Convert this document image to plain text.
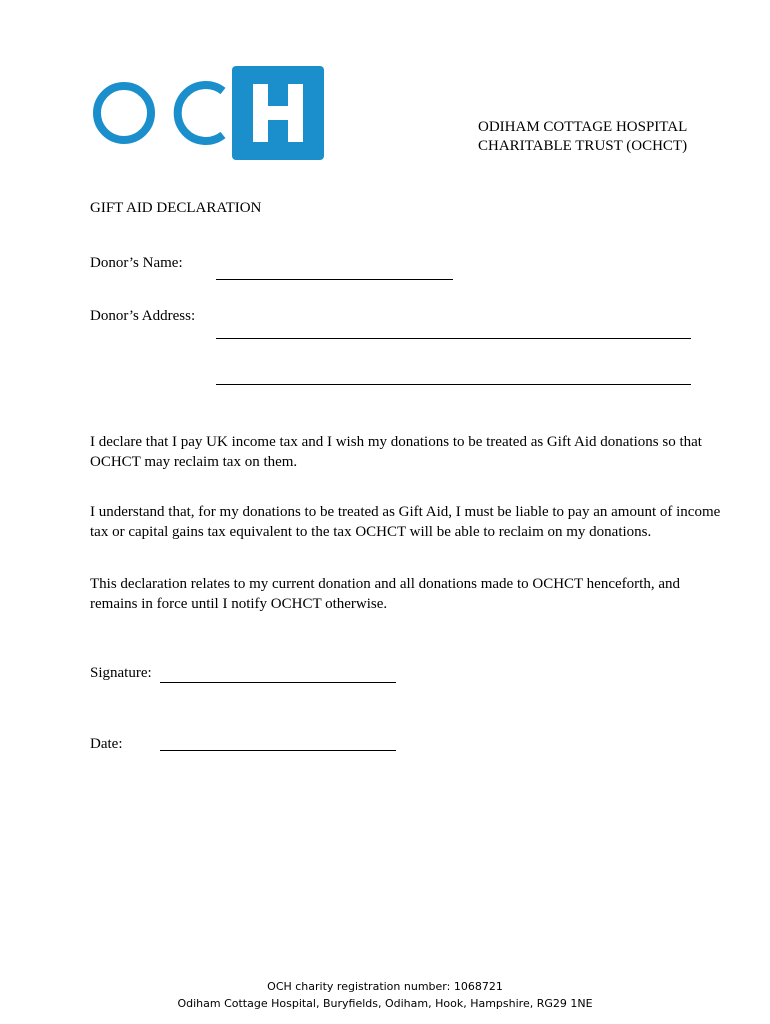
ODIHAM COTTAGE HOSPITAL
CHARITABLE TRUST (OCHCT)
GIFT AID DECLARATION
Donor’s Name:
Donor’s Address:
I declare that I pay UK income tax and I wish my donations to be treated as Gift Aid donations so that OCHCT may reclaim tax on them.
I understand that, for my donations to be treated as Gift Aid, I must be liable to pay an amount of income tax or capital gains tax equivalent to the tax OCHCT will be able to reclaim on my donations.
This declaration relates to my current donation and all donations made to OCHCT henceforth, and remains in force until I notify OCHCT otherwise.
Signature:
Date:
OCH charity registration number: 1068721
Odiham Cottage Hospital, Buryfields, Odiham, Hook, Hampshire, RG29 1NE
